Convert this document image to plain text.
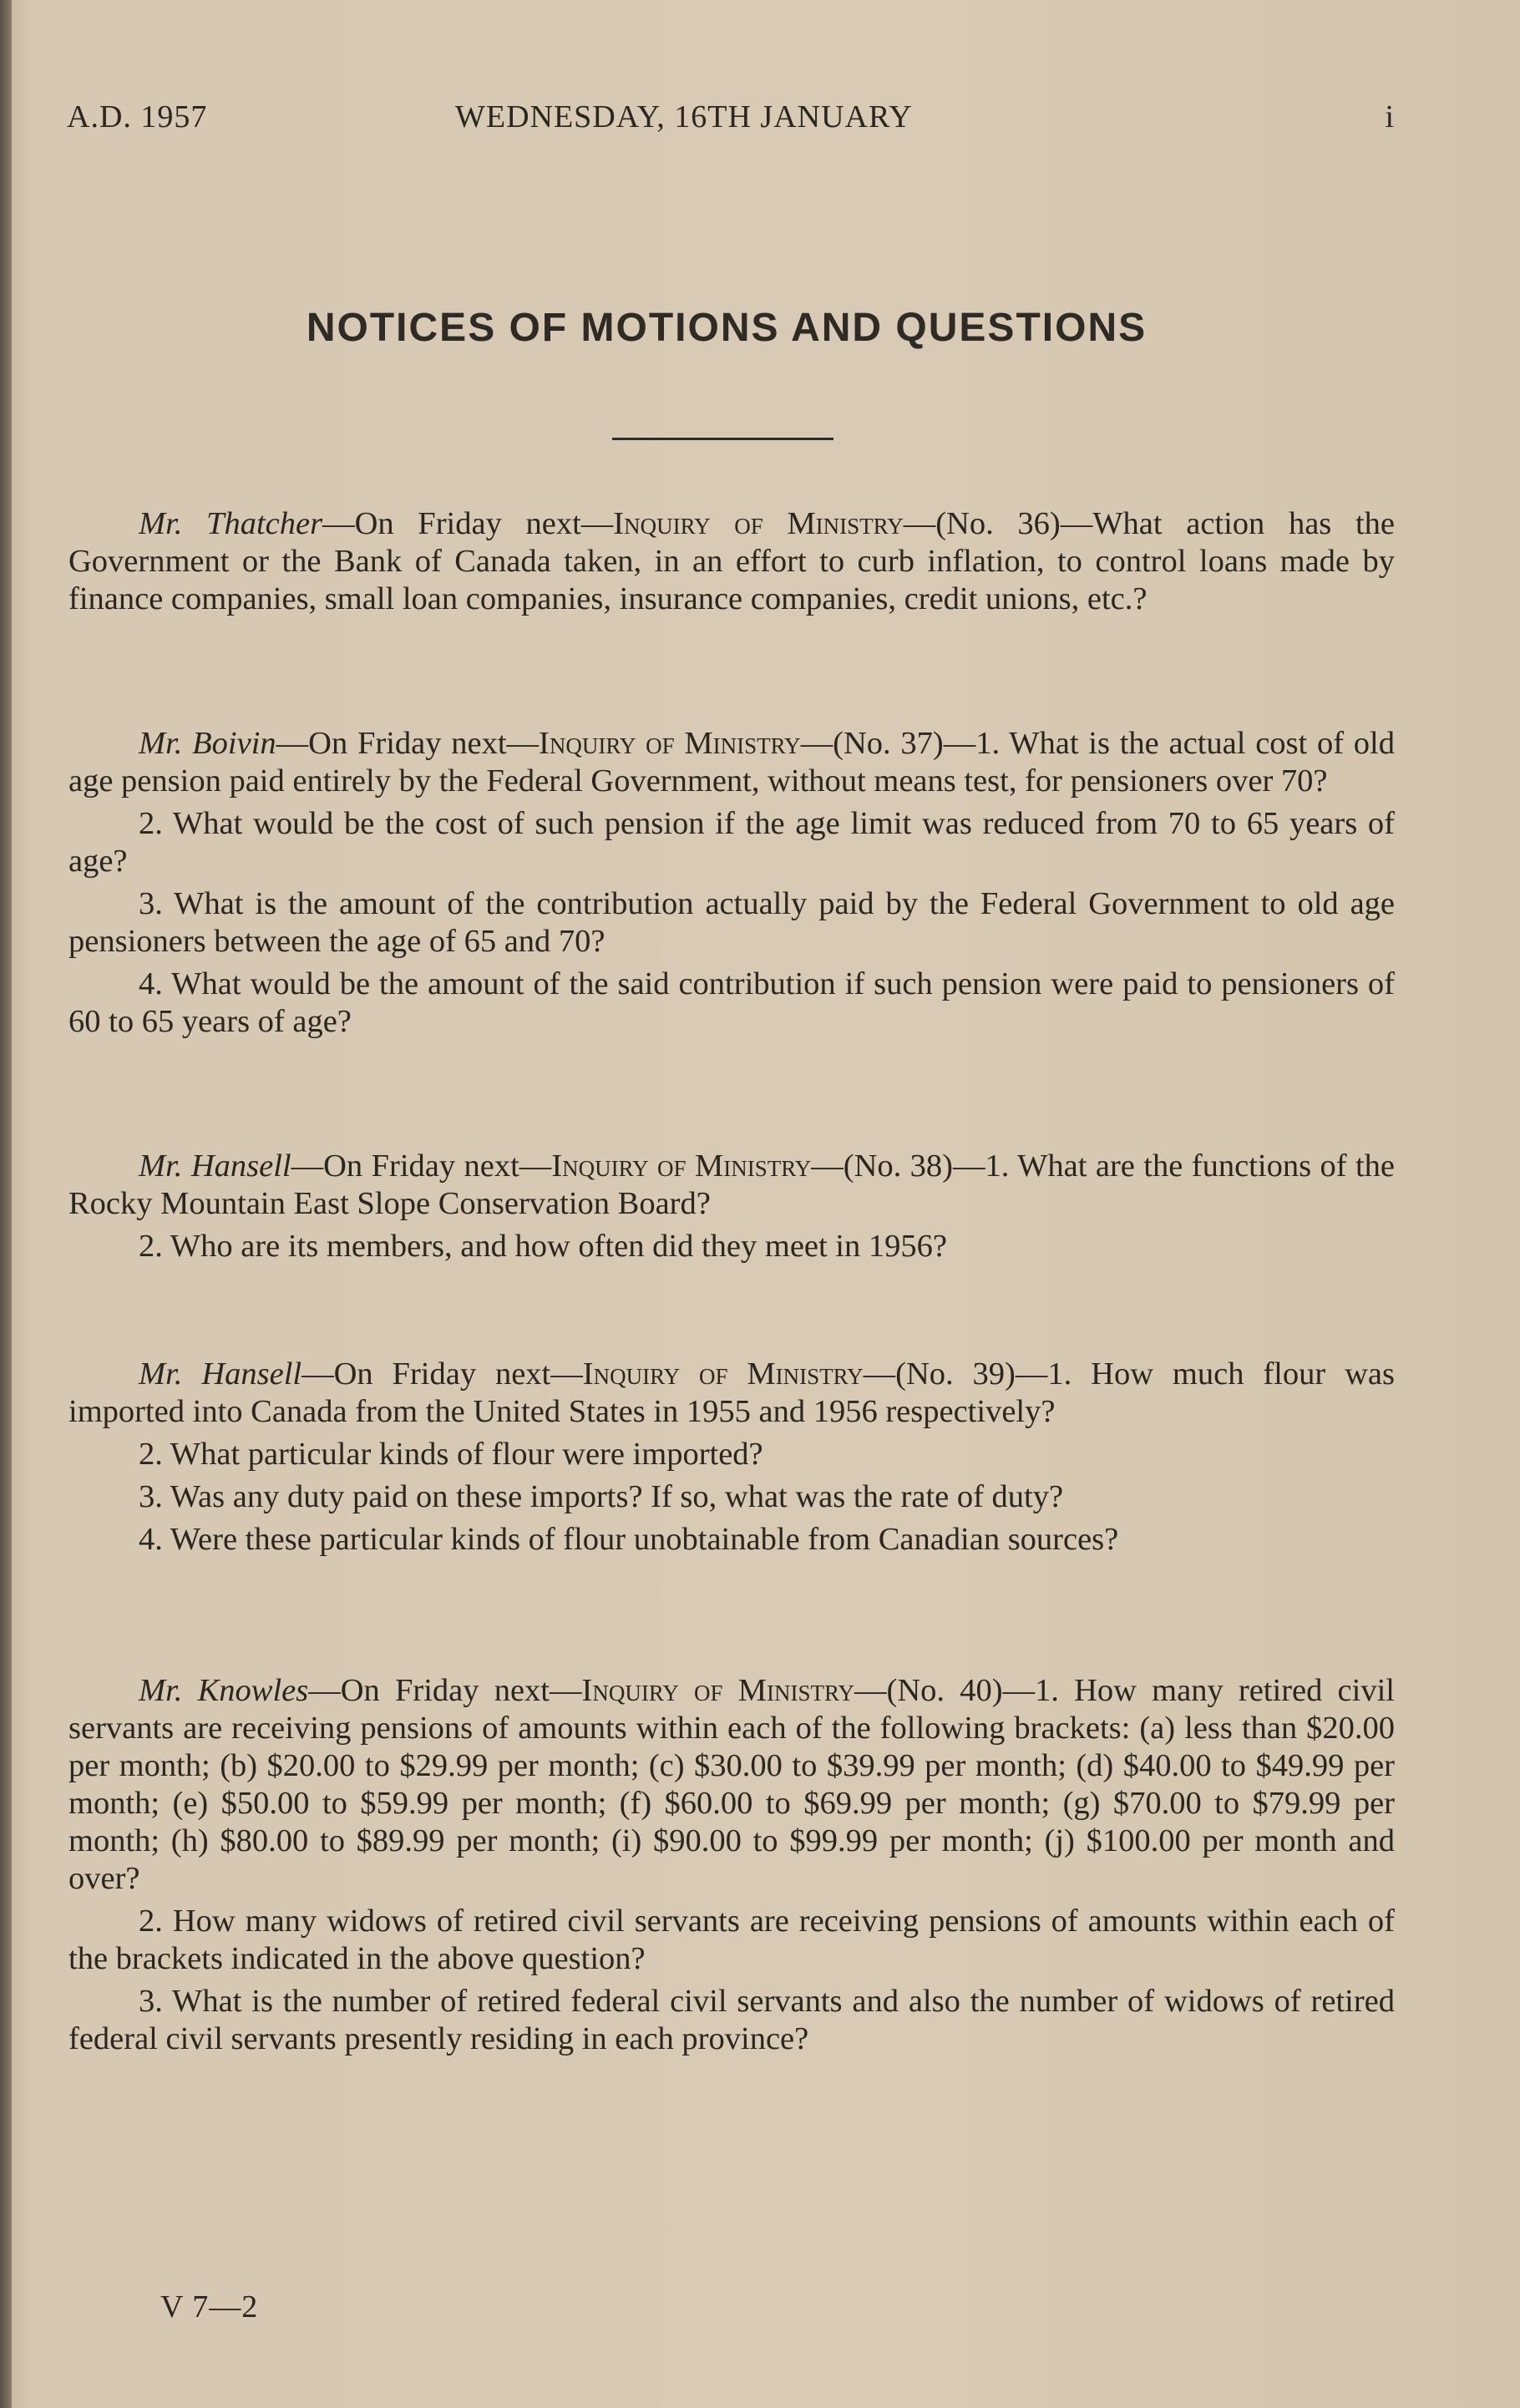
A.D. 1957	WEDNESDAY, 16TH JANUARY	i
NOTICES OF MOTIONS AND QUESTIONS

Mr. Thatcher—On Friday next—Inquiry of Ministry—(No. 36)—What action has the Government or the Bank of Canada taken, in an effort to curb inflation, to control loans made by finance companies, small loan companies, insurance companies, credit unions, etc.?

Mr. Boivin—On Friday next—Inquiry of Ministry—(No. 37)—1. What is the actual cost of old age pension paid entirely by the Federal Government, without means test, for pensioners over 70?

2. What would be the cost of such pension if the age limit was reduced from 70 to 65 years of age?

3. What is the amount of the contribution actually paid by the Federal Government to old age pensioners between the age of 65 and 70?

4. What would be the amount of the said contribution if such pension were paid to pensioners of 60 to 65 years of age?

Mr. Hansell—On Friday next—Inquiry of Ministry—(No. 38)—1. What are the functions of the Rocky Mountain East Slope Conservation Board?

2. Who are its members, and how often did they meet in 1956?

Mr. Hansell—On Friday next—Inquiry of Ministry—(No. 39)—1. How much flour was imported into Canada from the United States in 1955 and 1956 respectively?

2. What particular kinds of flour were imported?

3. Was any duty paid on these imports? If so, what was the rate of duty?

4. Were these particular kinds of flour unobtainable from Canadian sources?

Mr. Knowles—On Friday next—Inquiry of Ministry—(No. 40)—1. How many retired civil servants are receiving pensions of amounts within each of the following brackets: (a) less than $20.00 per month; (b) $20.00 to $29.99 per month; (c) $30.00 to $39.99 per month; (d) $40.00 to $49.99 per month; (e) $50.00 to $59.99 per month; (f) $60.00 to $69.99 per month; (g) $70.00 to $79.99 per month; (h) $80.00 to $89.99 per month; (i) $90.00 to $99.99 per month; (j) $100.00 per month and over?

2. How many widows of retired civil servants are receiving pensions of amounts within each of the brackets indicated in the above question?

3. What is the number of retired federal civil servants and also the number of widows of retired federal civil servants presently residing in each province?

V 7—2
